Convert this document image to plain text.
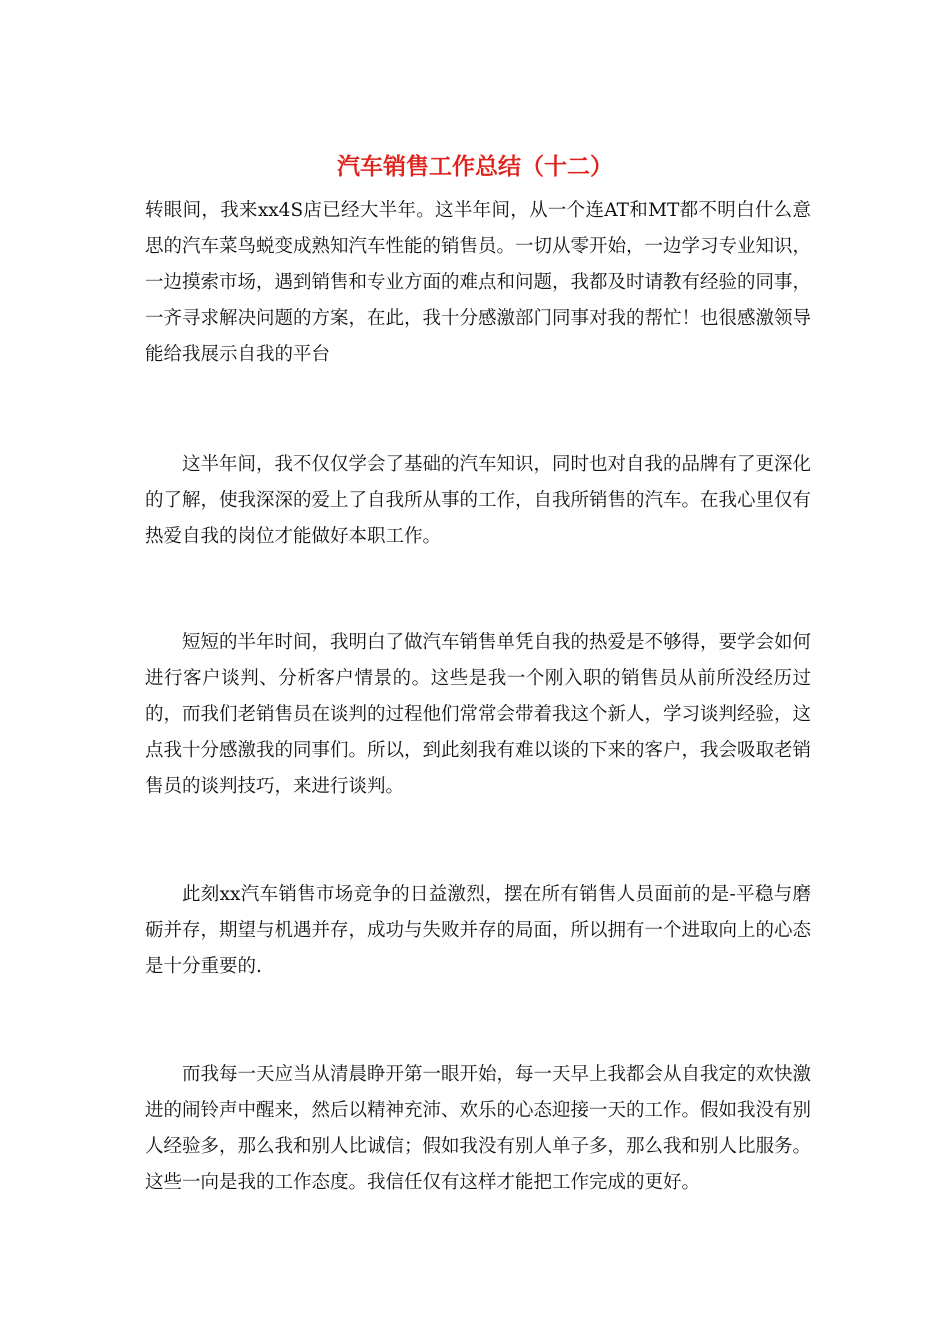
汽车销售工作总结（十二）

转眼间，我来xx4S店已经大半年。这半年间，从一个连AT和MT都不明白什么意思的汽车菜鸟蜕变成熟知汽车性能的销售员。一切从零开始，一边学习专业知识，一边摸索市场，遇到销售和专业方面的难点和问题，我都及时请教有经验的同事，一齐寻求解决问题的方案，在此，我十分感激部门同事对我的帮忙！也很感激领导能给我展示自我的平台

这半年间，我不仅仅学会了基础的汽车知识，同时也对自我的品牌有了更深化的了解，使我深深的爱上了自我所从事的工作，自我所销售的汽车。在我心里仅有热爱自我的岗位才能做好本职工作。

短短的半年时间，我明白了做汽车销售单凭自我的热爱是不够得，要学会如何进行客户谈判、分析客户情景的。这些是我一个刚入职的销售员从前所没经历过的，而我们老销售员在谈判的过程他们常常会带着我这个新人，学习谈判经验，这点我十分感激我的同事们。所以，到此刻我有难以谈的下来的客户，我会吸取老销售员的谈判技巧，来进行谈判。

此刻xx汽车销售市场竞争的日益激烈，摆在所有销售人员面前的是-平稳与磨砺并存，期望与机遇并存，成功与失败并存的局面，所以拥有一个进取向上的心态是十分重要的.

而我每一天应当从清晨睁开第一眼开始，每一天早上我都会从自我定的欢快激进的闹铃声中醒来，然后以精神充沛、欢乐的心态迎接一天的工作。假如我没有别人经验多，那么我和别人比诚信；假如我没有别人单子多，那么我和别人比服务。这些一向是我的工作态度。我信任仅有这样才能把工作完成的更好。
